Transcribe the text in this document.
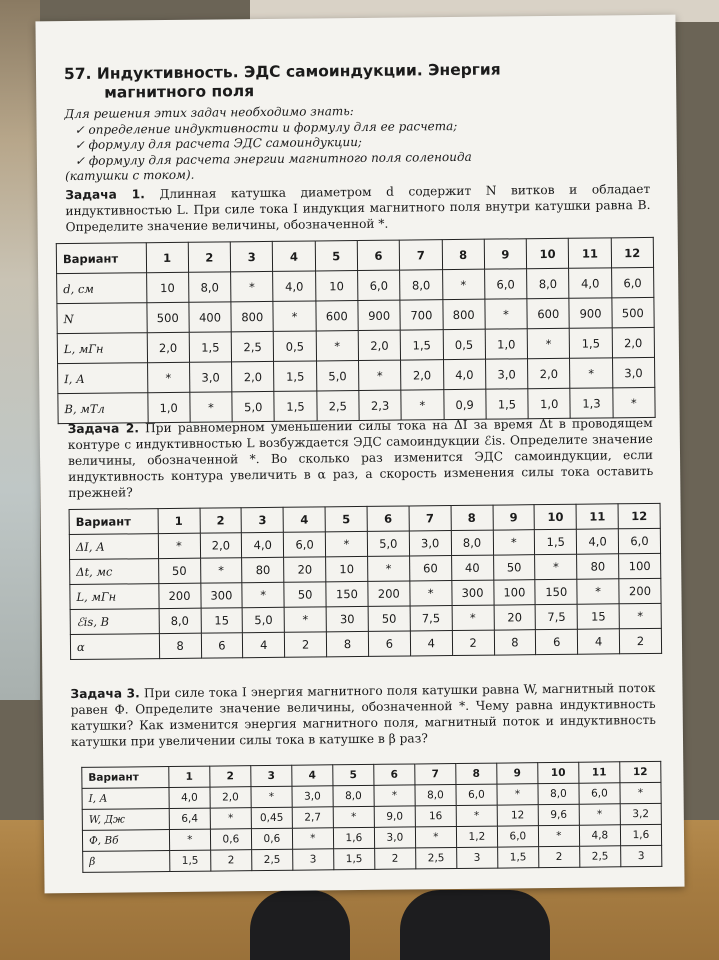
57. Индуктивность. ЭДС самоиндукции. Энергия
магнитного поля
Для решения этих задач необходимо знать:
✓ определение индуктивности и формулу для ее расчета;
✓ формулу для расчета ЭДС самоиндукции;
✓ формулу для расчета энергии магнитного поля соленоида
(катушки с током).
Задача 1. Длинная катушка диаметром d содержит N витков и обладает индуктивностью L. При силе тока I индукция магнитного поля внутри катушки равна B. Определите значение величины, обозначенной *.
Вариант	1	2	3	4	5	6	7	8	9	10	11	12
d, см	10	8,0	*	4,0	10	6,0	8,0	*	6,0	8,0	4,0	6,0
N	500	400	800	*	600	900	700	800	*	600	900	500
L, мГн	2,0	1,5	2,5	0,5	*	2,0	1,5	0,5	1,0	*	1,5	2,0
I, А	*	3,0	2,0	1,5	5,0	*	2,0	4,0	3,0	2,0	*	3,0
B, мТл	1,0	*	5,0	1,5	2,5	2,3	*	0,9	1,5	1,0	1,3	*
Задача 2. При равномерном уменьшении силы тока на ΔI за время Δt в проводящем контуре с индуктивностью L возбуждается ЭДС самоиндукции ℰis. Определите значение величины, обозначенной *. Во сколько раз изменится ЭДС самоиндукции, если индуктивность контура увеличить в α раз, а скорость изменения силы тока оставить прежней?
Вариант	1	2	3	4	5	6	7	8	9	10	11	12
ΔI, А	*	2,0	4,0	6,0	*	5,0	3,0	8,0	*	1,5	4,0	6,0
Δt, мс	50	*	80	20	10	*	60	40	50	*	80	100
L, мГн	200	300	*	50	150	200	*	300	100	150	*	200
ℰis, В	8,0	15	5,0	*	30	50	7,5	*	20	7,5	15	*
α	8	6	4	2	8	6	4	2	8	6	4	2
Задача 3. При силе тока I энергия магнитного поля катушки равна W, магнитный поток равен Ф. Определите значение величины, обозначенной *. Чему равна индуктивность катушки? Как изменится энергия магнитного поля, магнитный поток и индуктивность катушки при увеличении силы тока в катушке в β раз?
Вариант	1	2	3	4	5	6	7	8	9	10	11	12
I, А	4,0	2,0	*	3,0	8,0	*	8,0	6,0	*	8,0	6,0	*
W, Дж	6,4	*	0,45	2,7	*	9,0	16	*	12	9,6	*	3,2
Ф, Вб	*	0,6	0,6	*	1,6	3,0	*	1,2	6,0	*	4,8	1,6
β	1,5	2	2,5	3	1,5	2	2,5	3	1,5	2	2,5	3
